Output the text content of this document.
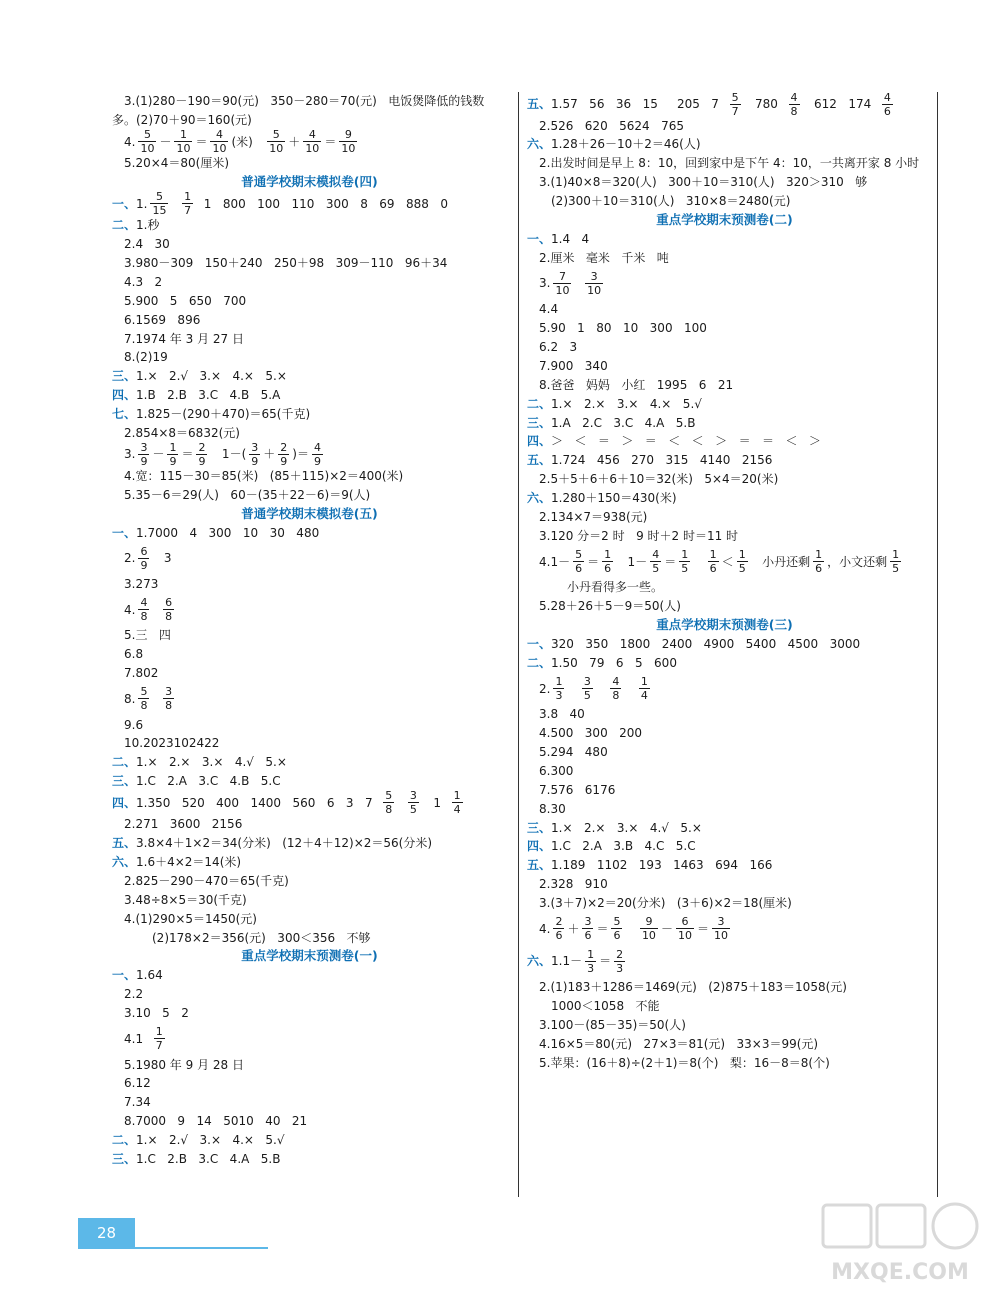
3. (1)280－190＝90(元)   350－280＝70(元)   电饭煲降低的钱数
多。(2)70＋90＝160(元)
4. $\frac{5}{10} - \frac{1}{10} = \frac{4}{10}$ (米) $\frac{5}{10} + \frac{4}{10} = \frac{9}{10}$
5. 20×4＝80(厘米)
普通学校期末模拟卷(四)
一、 1. $\frac{5}{15}$
$\frac{1}{7} 1$   800   100   110   300   8   69   888   0
二、 1. 秒
2. 4   30
3. 980－309   150＋240   250＋98   309－110   96＋34
4. 3   2
5. 900   5   650   700
6. 1569   896
7. 1974 年 3 月 27 日
8. (2)19
三、 1.×   2.√   3.×   4.×   5.×
四、 1.B   2.B   3.C   4.B   5.A
七、 1.825－(290＋470)＝65(千克)
2. 854×8＝6832(元)
3. $\frac{3}{9} - \frac{1}{9} = \frac{2}{9} 1-( \frac{3}{9} + \frac{2}{9}$ )＝ $\frac{4}{9}$
4. 宽：115－30＝85(米)   (85＋115)×2＝400(米)
5. 35－6＝29(人)   60－(35＋22－6)＝9(人)
普通学校期末模拟卷(五)
一、 1. 7000   4   300   10   30   480
2. $\frac{6}{9} 3$
3. 273
4. $\frac{4}{8}$
$\frac{6}{8}$
5. 三   四
6. 8
7. 802
8. $\frac{5}{8}$
$\frac{3}{8}$
9. 6
10. 2023102422
二、 1.×   2.×   3.×   4.√   5.×
三、 1.C   2.A   3.C   4.B   5.C
四、 1. 350   520   400   1400   560   6   3   $7 \frac{5}{8}$
$\frac{3}{5} 1 \frac{1}{4}$
2. 271   3600   2156
五、 3.8×4＋1×2＝34(分米)   (12＋4＋12)×2＝56(分米)
六、 1.6＋4×2＝14(米)
2. 825－290－470＝65(千克)
3. 48÷8×5＝30(千克)
4. (1)290×5＝1450(元)
(2)178×2＝356(元)   300＜356   不够
重点学校期末预测卷(一)
一、 1.64
2. 2
3. 10   5   2
4. $1 \frac{1}{7}$
5. 1980 年 9 月 28 日
6. 12
7. 34
8. 7000   9   14   5010   40   21
二、 1.×   2.√   3.×   4.×   5.√
三、 1.C   2.B   3.C   4.A   5.B
五、 1.57   56   36   15     205   $7 \frac{5}{7} 780 \frac{4}{8} 612$   $174 \frac{4}{6}$
2. 526   620   5624   765
六、 1.28＋26－10＋2＝46(人)
2. 出发时间是早上 8：10，回到家中是下午 4：10，一共离开家 8 小时
3. (1)40×8＝320(人)   300＋10＝310(人)   320＞310   够
(2)300＋10＝310(人)   310×8＝2480(元)
重点学校期末预测卷(二)
一、 1.4   4
2. 厘米   毫米   千米   吨
3. $\frac{7}{10}$
$\frac{3}{10}$
4. 4
5. 90   1   80   10   300   100
6. 2   3
7. 900   340
8. 爸爸   妈妈   小红   1995   6   21
二、 1.×   2.×   3.×   4.×   5.√
三、 1.A   2.C   3.C   4.A   5.B
四、 ＞   ＜   ＝   ＞   ＝   ＜   ＜   ＞   ＝   ＝   ＜   ＞
五、 1.724   456   270   315   4140   2156
2. 5＋5＋6＋6＋10＝32(米)   5×4＝20(米)
六、 1.280＋150＝430(米)
2. 134×7＝938(元)
3. 120 分＝2 时   9 时＋2 时＝11 时
4. $1- \frac{5}{6} = \frac{1}{6} 1- \frac{4}{5} = \frac{1}{5}$
$\frac{1}{6} < \frac{1}{5}$ 小丹还剩 $\frac{1}{6}$ ，小文还剩 $\frac{1}{5}$
小丹看得多一些。
5. 28＋26＋5－9＝50(人)
重点学校期末预测卷(三)
一、 320   350   1800   2400   4900   5400   4500   3000
二、 1.50   79   6   5   600
2. $\frac{1}{3}$
$\frac{3}{5}$
$\frac{4}{8}$
$\frac{1}{4}$
3. 8   40
4. 500   300   200
5. 294   480
6. 300
7. 576   6176
8. 30
三、 1.×   2.×   3.×   4.√   5.×
四、 1.C   2.A   3.B   4.C   5.C
五、 1.189   1102   193   1463   694   166
2. 328   910
3. (3＋7)×2＝20(分米)   (3＋6)×2＝18(厘米)
4. $\frac{2}{6} + \frac{3}{6} = \frac{5}{6}$
$\frac{9}{10} - \frac{6}{10} = \frac{3}{10}$
六、 $1.1- \frac{1}{3} = \frac{2}{3}$
2. (1)183＋1286＝1469(元)   (2)875＋183＝1058(元)
1000＜1058   不能
3. 100－(85－35)＝50(人)
4. 16×5＝80(元)   27×3＝81(元)   33×3＝99(元)
5. 苹果：(16＋8)÷(2＋1)＝8(个)   梨：16－8＝8(个)
28
MXQE.COM
